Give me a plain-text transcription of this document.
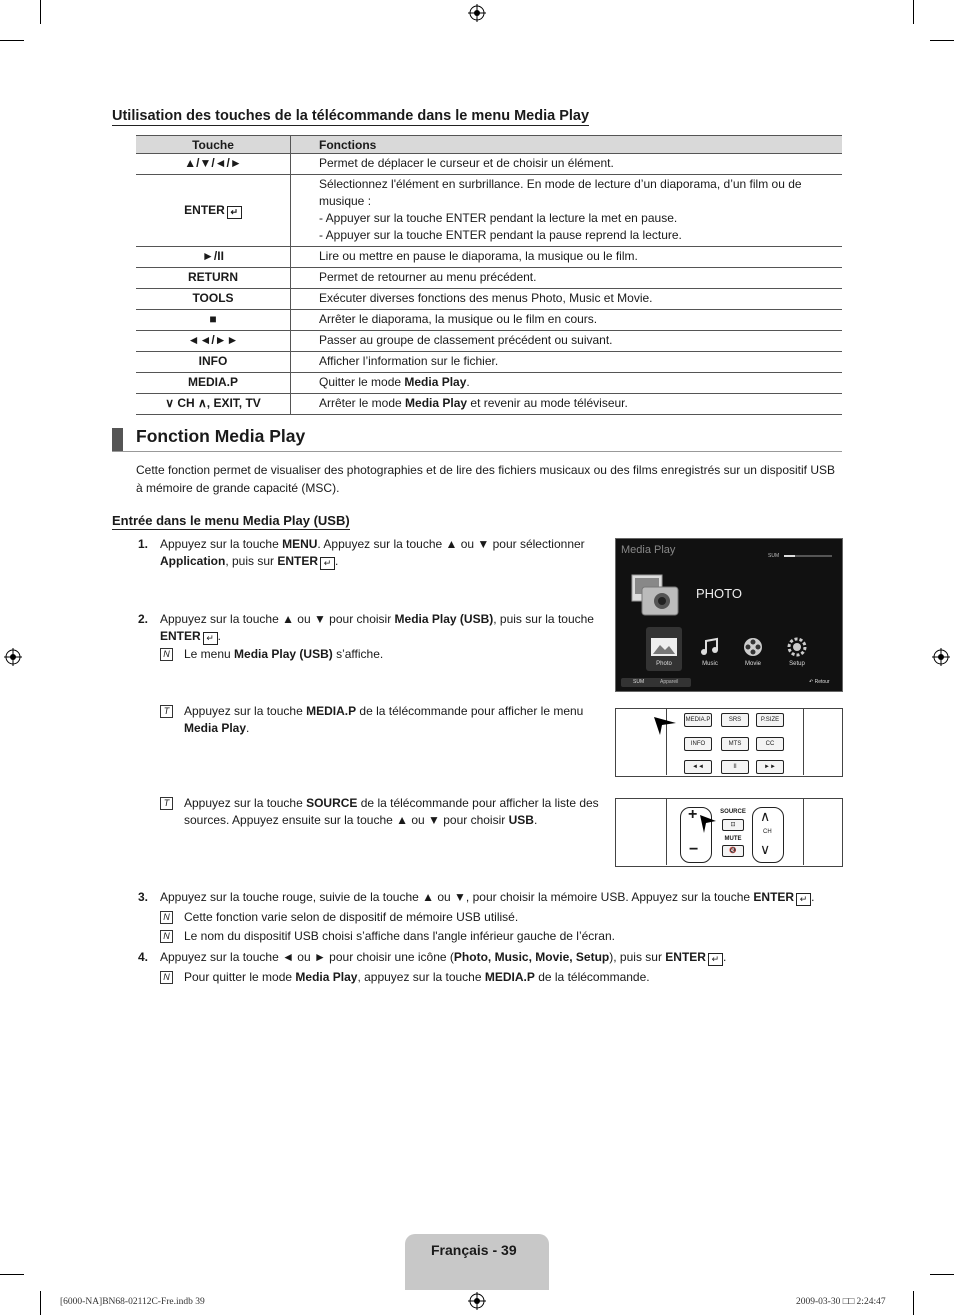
Utilisation des touches de la télécommande dans le menu Media Play
Touche	Fonctions
▲/▼/◄/►	Permet de déplacer le curseur et de choisir un élément.
ENTER ↵	Sélectionnez l'élément en surbrillance. En mode de lecture d’un diaporama, d’un film ou de musique :
- Appuyer sur la touche ENTER pendant la lecture la met en pause.
- Appuyer sur la touche ENTER pendant la pause reprend la lecture.

►/II	Lire ou mettre en pause le diaporama, la musique ou le film.
RETURN	Permet de retourner au menu précédent.
TOOLS	Exécuter diverses fonctions des menus Photo, Music et Movie.
■	Arrêter le diaporama, la musique ou le film en cours.
◄◄/►►	Passer au groupe de classement précédent ou suivant.
INFO	Afficher l’information sur le fichier.
MEDIA.P	Quitter le mode Media Play.
∨ CH ∧, EXIT, TV	Arrêter le mode Media Play et revenir au mode téléviseur.
Fonction Media Play
Cette fonction permet de visualiser des photographies et de lire des fichiers musicaux ou des films enregistrés sur un dispositif USB à mémoire de grande capacité (MSC).
Entrée dans le menu Media Play (USB)
1. Appuyez sur la touche MENU. Appuyez sur la touche ▲ ou ▼ pour sélectionner Application, puis sur ENTER ↵ .
2. Appuyez sur la touche ▲ ou ▼ pour choisir Media Play (USB), puis sur la touche ENTER ↵ .
N Le menu Media Play (USB) s’affiche.
T	Appuyez sur la touche MEDIA.P de la télécommande pour afficher le menu Media Play.
T	Appuyez sur la touche SOURCE de la télécommande pour afficher la liste des sources. Appuyez ensuite sur la touche ▲ ou ▼ pour choisir USB.
Media Play	SUM
PHOTO
Photo	Music	Movie	Setup
SUM	Appareil	↶ Retour
MEDIA.P	SRS	P.SIZE
INFO	MTS	CC
◄◄	II	►►
+
−
SOURCE
⊡
MUTE
🔇
∧
CH
∨
3. Appuyez sur la touche rouge, suivie de la touche ▲ ou ▼, pour choisir la mémoire USB. Appuyez sur la touche ENTER ↵ .
N Cette fonction varie selon de dispositif de mémoire USB utilisé.
N Le nom du dispositif USB choisi s’affiche dans l'angle inférieur gauche de l’écran.
4. Appuyez sur la touche ◄ ou ► pour choisir une icône (Photo, Music, Movie, Setup), puis sur ENTER ↵ .
N Pour quitter le mode Media Play, appuyez sur la touche MEDIA.P de la télécommande.
Français - 39
[6000-NA]BN68-02112C-Fre.indb 39	2009-03-30 □□ 2:24:47
